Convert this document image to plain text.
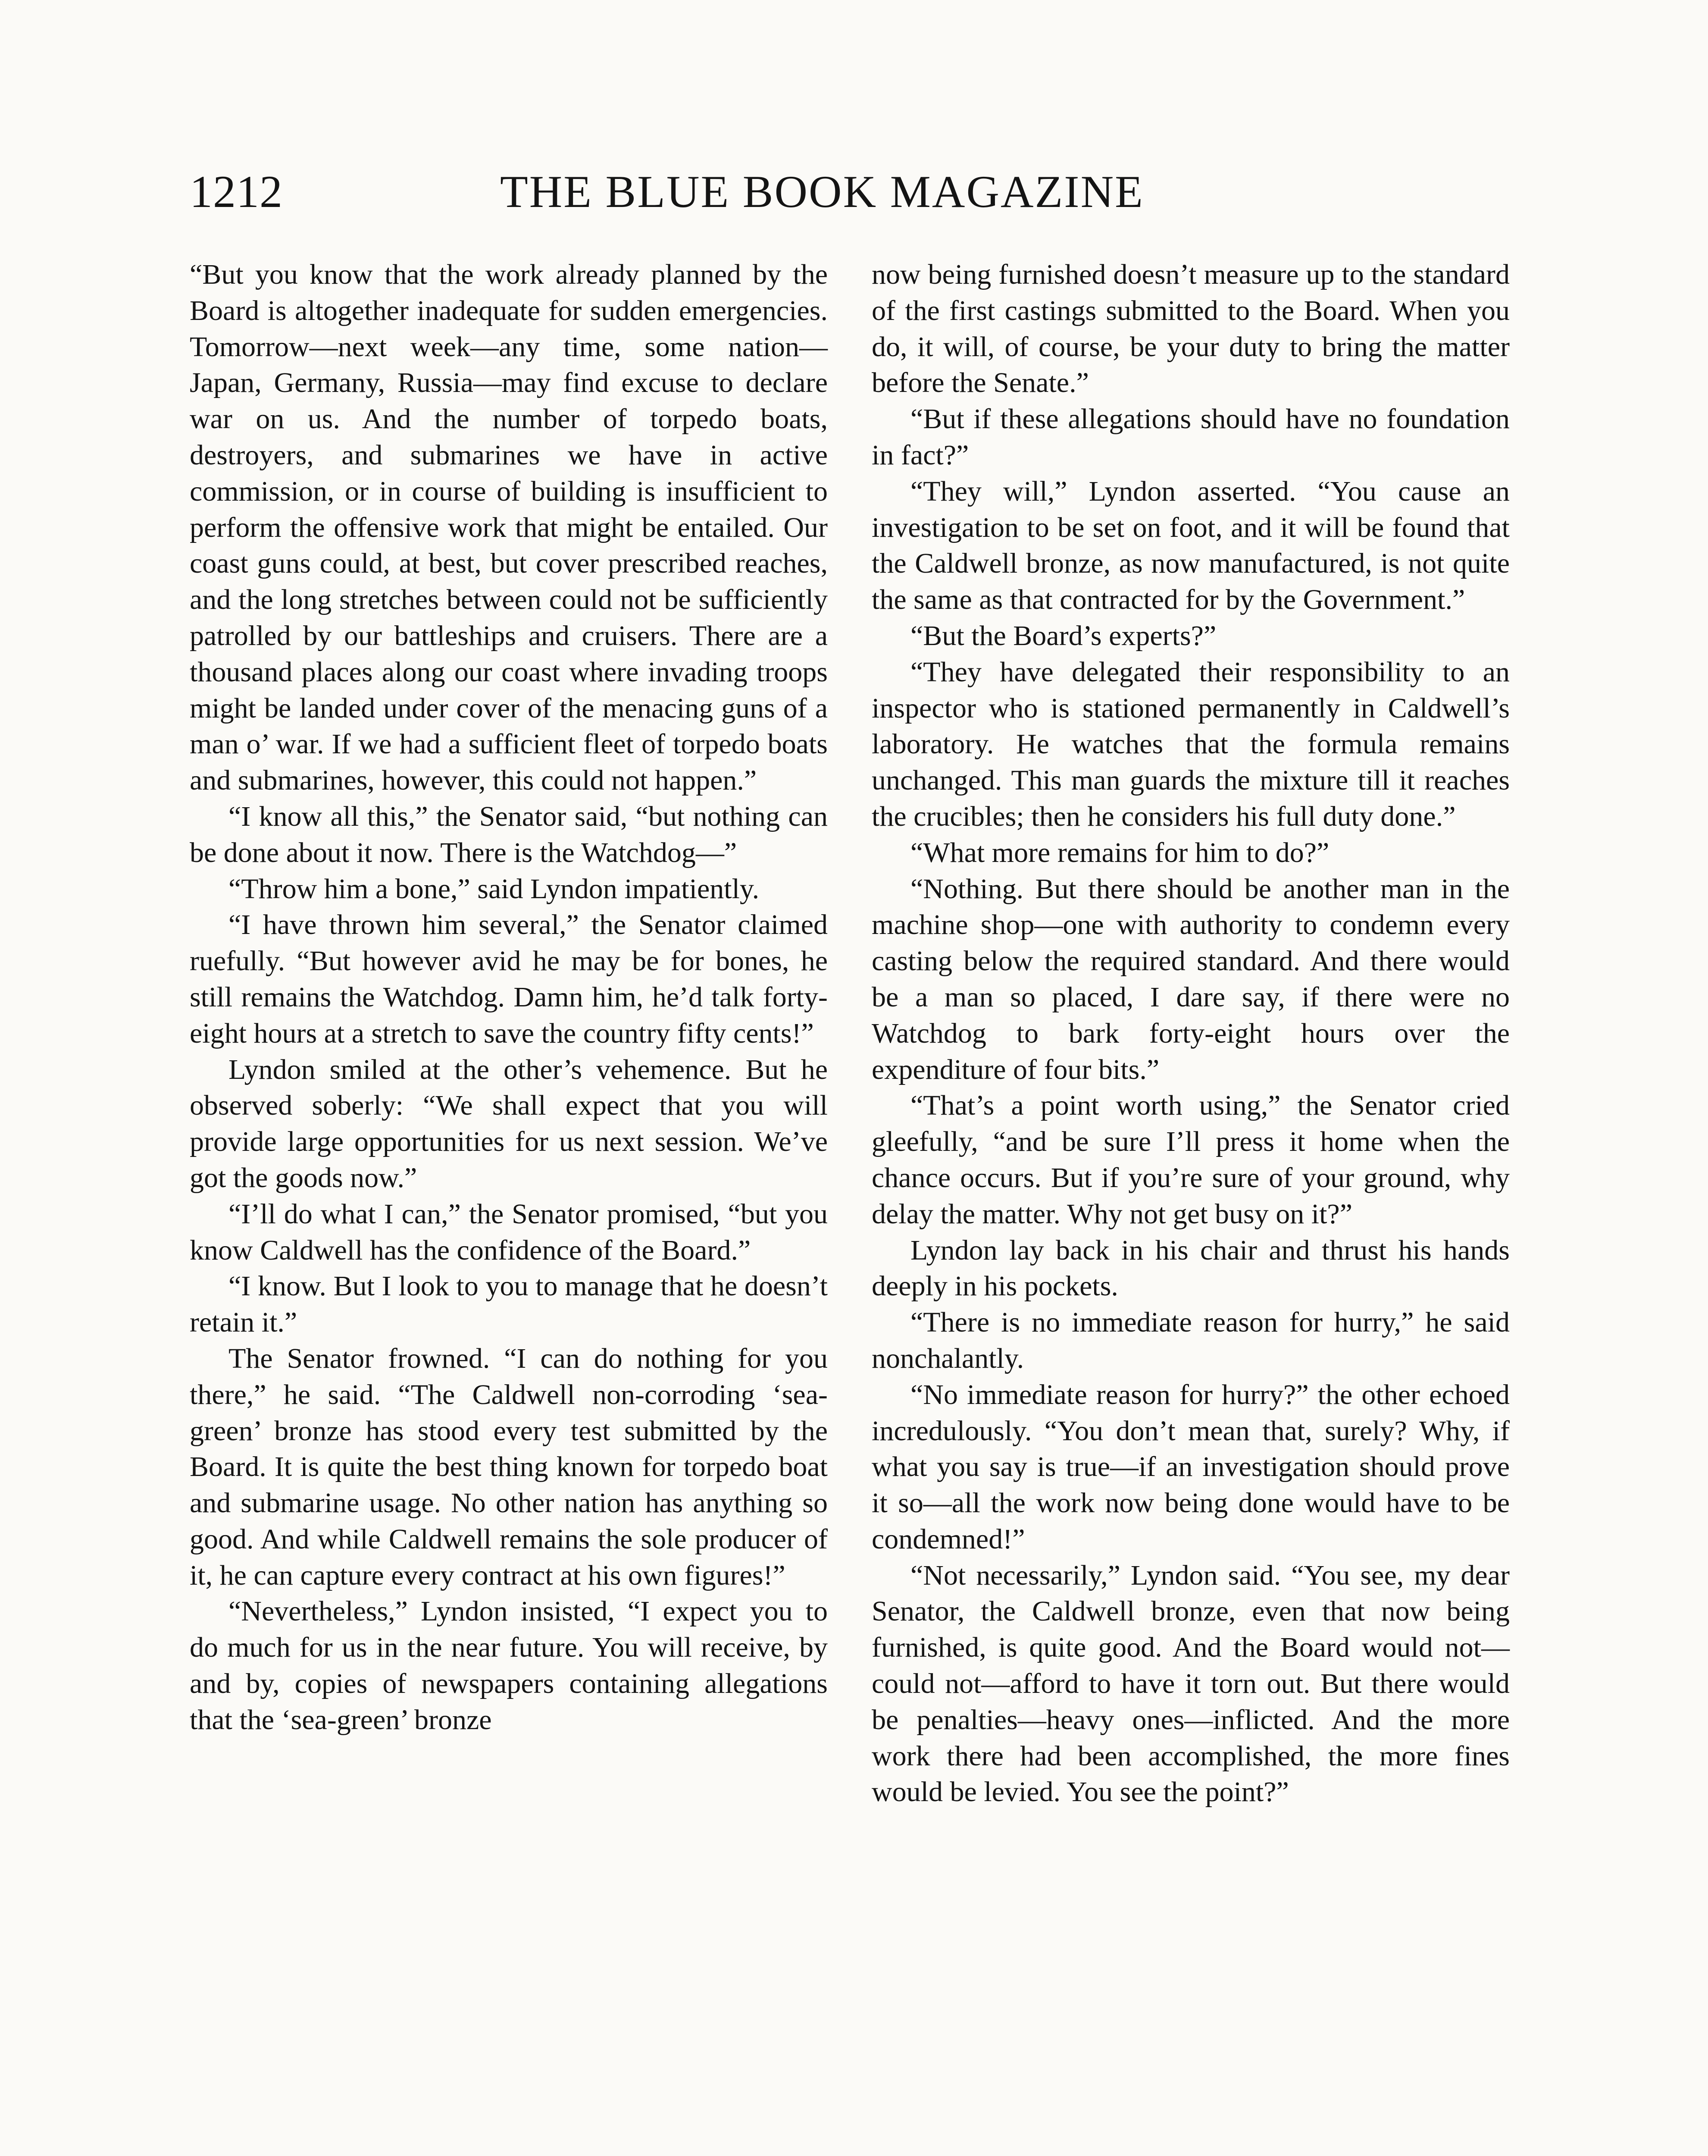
1212	THE BLUE BOOK MAGAZINE

“But you know that the work already planned by the Board is altogether inadequate for sudden emergencies. Tomorrow—next week—any time, some nation—Japan, Germany, Russia—may find excuse to declare war on us. And the number of torpedo boats, destroyers, and submarines we have in active commission, or in course of building is insufficient to perform the offensive work that might be entailed. Our coast guns could, at best, but cover prescribed reaches, and the long stretches between could not be sufficiently patrolled by our battleships and cruisers. There are a thousand places along our coast where invading troops might be landed under cover of the menacing guns of a man o’ war. If we had a sufficient fleet of torpedo boats and submarines, however, this could not happen.”

“I know all this,” the Senator said, “but nothing can be done about it now. There is the Watchdog—”

“Throw him a bone,” said Lyndon impatiently.

“I have thrown him several,” the Senator claimed ruefully. “But however avid he may be for bones, he still remains the Watchdog. Damn him, he’d talk forty-eight hours at a stretch to save the country fifty cents!”

Lyndon smiled at the other’s vehemence. But he observed soberly: “We shall expect that you will provide large opportunities for us next session. We’ve got the goods now.”

“I’ll do what I can,” the Senator promised, “but you know Caldwell has the confidence of the Board.”

“I know. But I look to you to manage that he doesn’t retain it.”

The Senator frowned. “I can do nothing for you there,” he said. “The Caldwell non-corroding ‘sea-green’ bronze has stood every test submitted by the Board. It is quite the best thing known for torpedo boat and submarine usage. No other nation has anything so good. And while Caldwell remains the sole producer of it, he can capture every contract at his own figures!”

“Nevertheless,” Lyndon insisted, “I expect you to do much for us in the near future. You will receive, by and by, copies of newspapers containing allegations that the ‘sea-green’ bronze

now being furnished doesn’t measure up to the standard of the first castings submitted to the Board. When you do, it will, of course, be your duty to bring the matter before the Senate.”

“But if these allegations should have no foundation in fact?”

“They will,” Lyndon asserted. “You cause an investigation to be set on foot, and it will be found that the Caldwell bronze, as now manufactured, is not quite the same as that contracted for by the Government.”

“But the Board’s experts?”

“They have delegated their responsibility to an inspector who is stationed permanently in Caldwell’s laboratory. He watches that the formula remains unchanged. This man guards the mixture till it reaches the crucibles; then he considers his full duty done.”

“What more remains for him to do?”

“Nothing. But there should be another man in the machine shop—one with authority to condemn every casting below the required standard. And there would be a man so placed, I dare say, if there were no Watchdog to bark forty-eight hours over the expenditure of four bits.”

“That’s a point worth using,” the Senator cried gleefully, “and be sure I’ll press it home when the chance occurs. But if you’re sure of your ground, why delay the matter. Why not get busy on it?”

Lyndon lay back in his chair and thrust his hands deeply in his pockets.

“There is no immediate reason for hurry,” he said nonchalantly.

“No immediate reason for hurry?” the other echoed incredulously. “You don’t mean that, surely? Why, if what you say is true—if an investigation should prove it so—all the work now being done would have to be condemned!”

“Not necessarily,” Lyndon said. “You see, my dear Senator, the Caldwell bronze, even that now being furnished, is quite good. And the Board would not—could not—afford to have it torn out. But there would be penalties—heavy ones—inflicted. And the more work there had been accomplished, the more fines would be levied. You see the point?”
